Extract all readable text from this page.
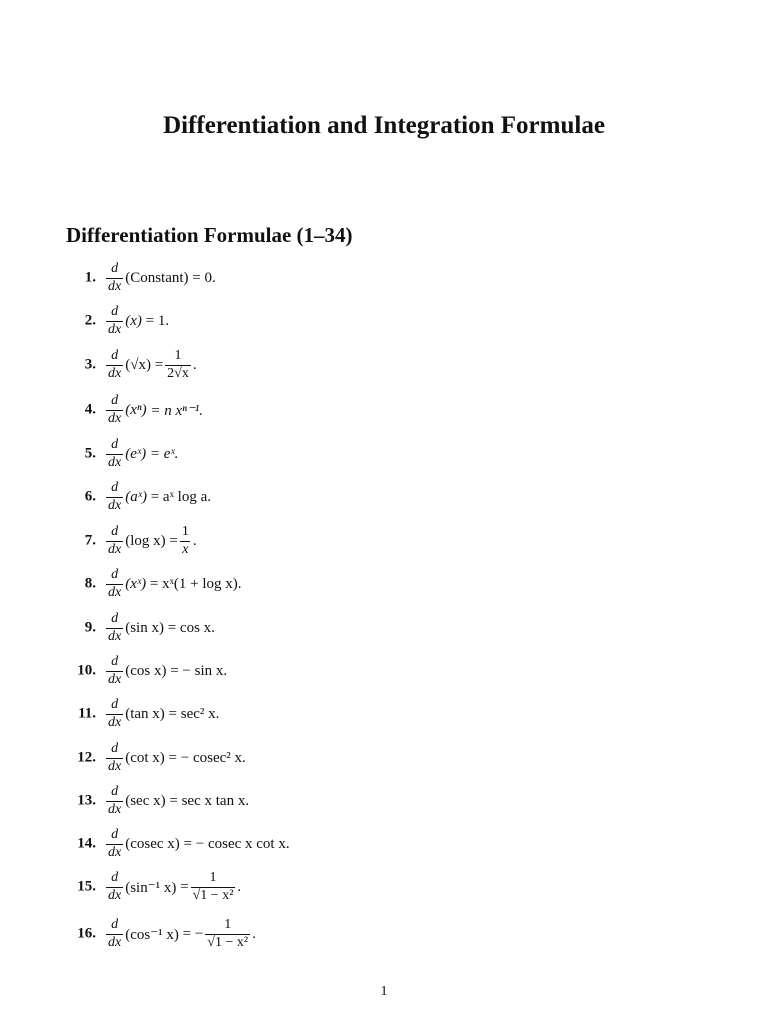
Differentiation and Integration Formulae
Differentiation Formulae (1–34)
1. $\frac{d}{dx}$ (Constant)
= 0.
2. $\frac{d}{dx} (x)$
= 1.
3. $\frac{d}{dx} (√x)$
= $\frac{1}{2√x}$ .
4. $\frac{d}{dx} (x^n)$
= n xⁿ⁻¹.
5. $\frac{d}{dx}$ (eˣ)
= eˣ.
6. $\frac{d}{dx}$ (aˣ)
= aˣ log a.
7. $\frac{d}{dx} (\log$ x)
= $\frac{1}{x}$ .
8. $\frac{d}{dx}$ (xˣ)
= xˣ(1 + log x).
9. $\frac{d}{dx} (\sin$ x)
= cos x.
10. $\frac{d}{dx} (\cos$ x)
= − sin x.
11. $\frac{d}{dx} (\tan$ x)
= sec² x.
12. $\frac{d}{dx} (\cot$ x)
= − cosec² x.
13. $\frac{d}{dx} (\sec$ x)
= sec x tan x.
14. $\frac{d}{dx} (cosec$ x)
= − cosec x cot x.
15. $\frac{d}{dx} (\sin^{-1}$ x)
= $\frac{1}{\text{√1 − x²}}$ .
16. $\frac{d}{dx} (\cos^{-1}$ x)
= − $\frac{1}{\text{√1 − x²}}$ .
1
